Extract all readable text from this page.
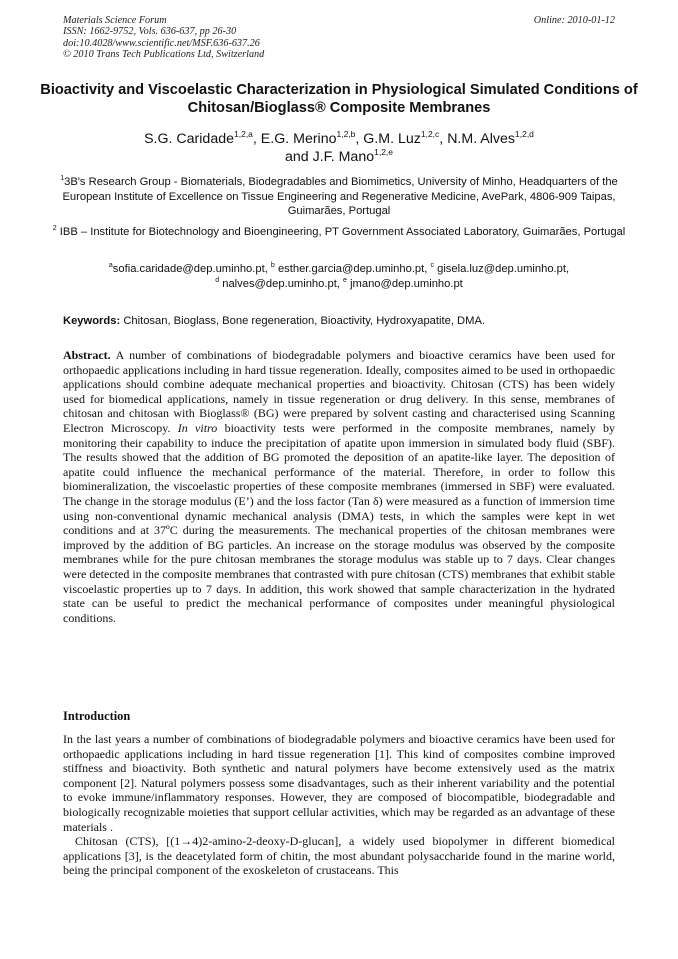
Materials Science Forum
ISSN: 1662-9752, Vols. 636-637, pp 26-30
doi:10.4028/www.scientific.net/MSF.636-637.26
© 2010 Trans Tech Publications Ltd, Switzerland
Online: 2010-01-12
Bioactivity and Viscoelastic Characterization in Physiological Simulated Conditions of Chitosan/Bioglass® Composite Membranes
S.G. Caridade$^{1,2,a}$, E.G. Merino$^{1,2,b}$, G.M. Luz$^{1,2,c}$, N.M. Alves$^{1,2,d}$
and J.F. Mano$^{1,2,e}$
$^1$3B's Research Group - Biomaterials, Biodegradables and Biomimetics, University of Minho, Headquarters of the European Institute of Excellence on Tissue Engineering and Regenerative Medicine, AvePark, 4806-909 Taipas, Guimarães, Portugal
$^2$ IBB – Institute for Biotechnology and Bioengineering, PT Government Associated Laboratory, Guimarães, Portugal
$^a$sofia.caridade@dep.uminho.pt, $^b$ esther.garcia@dep.uminho.pt, $^c$ gisela.luz@dep.uminho.pt,
$^d$ nalves@dep.uminho.pt, $^e$ jmano@dep.uminho.pt
Keywords: Chitosan, Bioglass, Bone regeneration, Bioactivity, Hydroxyapatite, DMA.
Abstract. A number of combinations of biodegradable polymers and bioactive ceramics have been used for orthopaedic applications including in hard tissue regeneration. Ideally, composites aimed to be used in orthopaedic applications should combine adequate mechanical properties and bioactivity. Chitosan (CTS) has been widely used for biomedical applications, namely in tissue regeneration or drug delivery. In this sense, membranes of chitosan and chitosan with Bioglass® (BG) were prepared by solvent casting and characterised using Scanning Electron Microscopy. In vitro bioactivity tests were performed in the composite membranes, namely by monitoring their capability to induce the precipitation of apatite upon immersion in simulated body fluid (SBF). The results showed that the addition of BG promoted the deposition of an apatite-like layer. The deposition of apatite could influence the mechanical performance of the material. Therefore, in order to follow this biomineralization, the viscoelastic properties of these composite membranes (immersed in SBF) were evaluated. The change in the storage modulus (E’) and the loss factor (Tan δ) were measured as a function of immersion time using non-conventional dynamic mechanical analysis (DMA) tests, in which the samples were kept in wet conditions and at 37ºC during the measurements. The mechanical properties of the chitosan membranes were improved by the addition of BG particles. An increase on the storage modulus was observed by the composite membranes while for the pure chitosan membranes the storage modulus was stable up to 7 days. Clear changes were detected in the composite membranes that contrasted with pure chitosan (CTS) membranes that exhibit stable viscoelastic properties up to 7 days. In addition, this work showed that sample characterization in the hydrated state can be useful to predict the mechanical performance of composites under meaningful physiological conditions.
Introduction

In the last years a number of combinations of biodegradable polymers and bioactive ceramics have been used for orthopaedic applications including in hard tissue regeneration [1]. This kind of composites combine improved stiffness and bioactivity. Both synthetic and natural polymers have become extensively used as the matrix component [2]. Natural polymers possess some disadvantages, such as their inherent variability and the potential to evoke immune/inflammatory responses. However, they are composed of biocompatible, biodegradable and biologically recognizable moieties that support cellular activities, which may be regarded as an advantage of these materials .

Chitosan (CTS), [(1→4)2-amino-2-deoxy-D-glucan], a widely used biopolymer in different biomedical applications [3], is the deacetylated form of chitin, the most abundant polysaccharide found in the marine world, being the principal component of the exoskeleton of crustaceans. This
